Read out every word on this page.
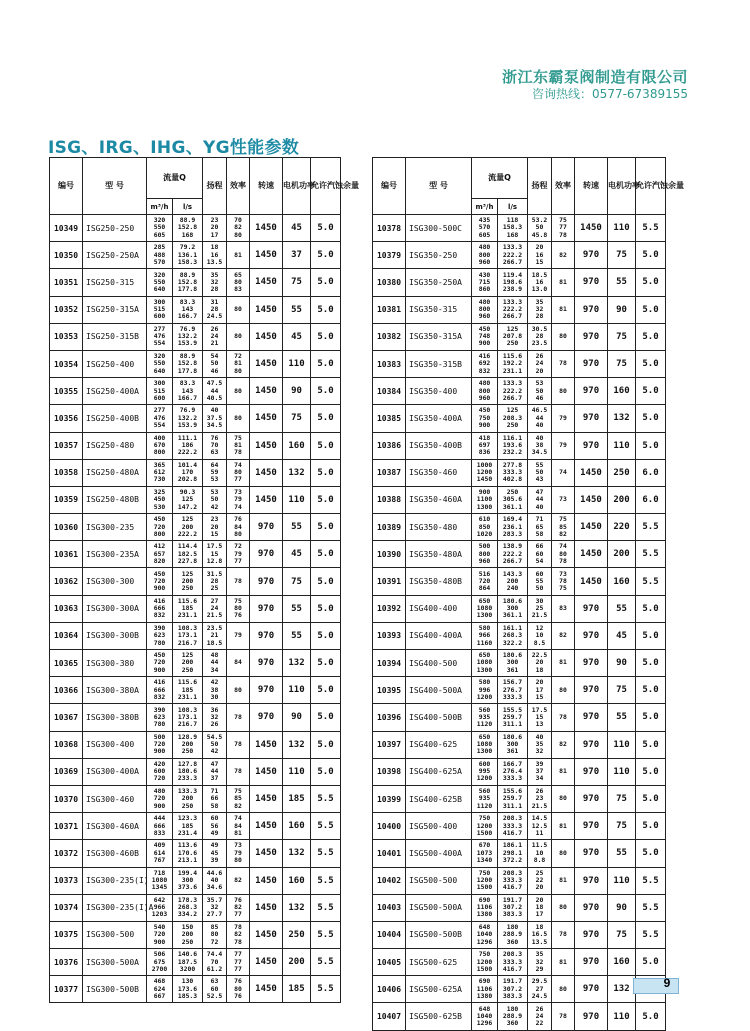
浙江东霸泵阀制造有限公司
咨询热线：0577-67389155
ISG、IRG、IHG、YG性能参数
编号	型 号	流量Q		扬程	效率	转速	电机功率	允许汽蚀余量
		m³/h	l/s					
10349	ISG250-250	320
550
605	88.9
152.8
168	23
20
17	70
82
80	1450	45	5.0
10350	ISG250-250A	285
488
570	79.2
136.1
158.3	18
16
13.5	81	1450	37	5.0
10351	ISG250-315	320
550
640	88.9
152.8
177.8	35
32
28	65
80
83	1450	75	5.0
10352	ISG250-315A	300
515
600	83.3
143
166.7	31
28
24.5	80	1450	55	5.0
10353	ISG250-315B	277
476
554	76.9
132.2
153.9	26
24
21	80	1450	45	5.0
10354	ISG250-400	320
550
640	88.9
152.8
177.8	54
50
46	72
81
80	1450	110	5.0
10355	ISG250-400A	300
515
600	83.3
143
166.7	47.5
44
40.5	80	1450	90	5.0
10356	ISG250-400B	277
476
554	76.9
132.2
153.9	40
37.5
34.5	80	1450	75	5.0
10357	ISG250-480	400
670
800	111.1
186
222.2	76
70
63	75
81
78	1450	160	5.0
10358	ISG250-480A	365
612
730	101.4
170
202.8	64
59
53	74
80
77	1450	132	5.0
10359	ISG250-480B	325
450
530	90.3
125
147.2	53
50
42	73
79
74	1450	110	5.0
10360	ISG300-235	450
720
800	125
200
222.2	23
20
15	76
84
80	970	55	5.0
10361	ISG300-235A	412
657
820	114.4
182.5
227.8	17.5
15
12.8	72
79
77	970	45	5.0
10362	ISG300-300	450
720
900	125
200
250	31.5
28
25	78	970	75	5.0
10363	ISG300-300A	416
666
832	115.6
185
231.1	27
24
21.5	75
80
76	970	55	5.0
10364	ISG300-300B	390
623
780	108.3
173.1
216.7	23.5
21
18.5	79	970	55	5.0
10365	ISG300-380	450
720
900	125
200
250	48
44
34	84	970	132	5.0
10366	ISG300-380A	416
666
832	115.6
185
231.1	42
38
30	80	970	110	5.0
10367	ISG300-380B	390
623
780	108.3
173.1
216.7	36
32
26	78	970	90	5.0
10368	ISG300-400	500
720
900	128.9
200
250	54.5
50
42	78	1450	132	5.0
10369	ISG300-400A	420
600
720	127.8
180.6
233.3	47
44
37	78	1450	110	5.0
10370	ISG300-460	480
720
900	133.3
200
250	71
66
58	75
85
82	1450	185	5.5
10371	ISG300-460A	444
666
833	123.3
185
231.4	60
56
49	74
84
81	1450	160	5.5
10372	ISG300-460B	409
614
767	113.6
170.6
213.1	49
45
39	73
79
80	1450	132	5.5
10373	ISG300-235(I)	718
1080
1345	199.4
300
373.6	44.6
40
34.6	82	1450	160	5.5
10374	ISG300-235(I)A	642
966
1203	178.3
268.3
334.2	35.7
32
27.7	76
82
77	1450	132	5.5
10375	ISG300-500	540
720
900	150
200
250	85
80
72	78
82
78	1450	250	5.5
10376	ISG300-500A	506
675
2700	140.6
187.5
3200	74.4
70
61.2	77
77
77	1450	200	5.5
10377	ISG300-500B	468
624
667	130
173.6
185.3	63
60
52.5	76
80
76	1450	185	5.5
编号	型 号	流量Q		扬程	效率	转速	电机功率	允许汽蚀余量
		m³/h	l/s					
10378	ISG300-500C	435
570
605	118
158.3
168	53.2
50
45.8	75
77
78	1450	110	5.5
10379	ISG350-250	480
800
960	133.3
222.2
266.7	20
16
15	82	970	75	5.0
10380	ISG350-250A	430
715
860	119.4
198.6
238.9	18.5
16
13.0	81	970	55	5.0
10381	ISG350-315	480
800
960	133.3
222.2
266.7	35
32
28	81	970	90	5.0
10382	ISG350-315A	450
748
900	125
207.8
250	30.5
28
23.5	80	970	75	5.0
10383	ISG350-315B	416
692
832	115.6
192.2
231.1	26
24
20	78	970	75	5.0
10384	ISG350-400	480
800
960	133.3
222.2
266.7	53
50
46	80	970	160	5.0
10385	ISG350-400A	450
750
900	125
208.3
250	46.5
44
40	79	970	132	5.0
10386	ISG350-400B	418
697
836	116.1
193.6
232.2	40
38
34.5	79	970	110	5.0
10387	ISG350-460	1000
1200
1450	277.8
333.3
402.8	55
50
43	74	1450	250	6.0
10388	ISG350-460A	900
1100
1300	250
305.6
361.1	47
44
40	73	1450	200	6.0
10389	ISG350-480	610
850
1020	169.4
236.1
283.3	71
65
58	75
85
82	1450	220	5.5
10390	ISG350-480A	500
800
960	138.9
222.2
266.7	66
60
54	74
80
78	1450	200	5.5
10391	ISG350-480B	516
720
864	143.3
200
240	60
55
50	73
78
75	1450	160	5.5
10392	ISG400-400	650
1080
1300	180.6
300
361.1	30
25
21.5	83	970	55	5.0
10393	ISG400-400A	580
966
1160	161.1
268.3
322.2	12
10
8.5	82	970	45	5.0
10394	ISG400-500	650
1080
1300	180.6
300
361	22.5
20
18	81	970	90	5.0
10395	ISG400-500A	580
996
1200	156.7
276.7
333.3	20
17
15	80	970	75	5.0
10396	ISG400-500B	560
935
1120	155.5
259.7
311.1	17.5
15
13	78	970	55	5.0
10397	ISG400-625	650
1080
1300	180.6
300
361	40
35
32	82	970	110	5.0
10398	ISG400-625A	600
995
1200	166.7
276.4
333.3	39
37
34	81	970	110	5.0
10399	ISG400-625B	560
935
1120	155.6
259.7
311.1	26
23
21.5	80	970	75	5.0
10400	ISG500-400	750
1200
1500	208.3
333.3
416.7	14.5
12.5
11	81	970	75	5.0
10401	ISG500-400A	670
1073
1340	186.1
298.1
372.2	11.5
10
8.8	80	970	55	5.0
10402	ISG500-500	750
1200
1500	208.3
333.3
416.7	25
22
20	81	970	110	5.5
10403	ISG500-500A	690
1106
1380	191.7
307.2
383.3	20
18
17	80	970	90	5.5
10404	ISG500-500B	648
1040
1296	180
288.9
360	18
16.5
13.5	78	970	75	5.5
10405	ISG500-625	750
1200
1500	208.3
333.3
416.7	35
32
29	81	970	160	5.0
10406	ISG500-625A	690
1106
1380	191.7
307.2
383.3	29.5
27
24.5	80	970	132	
10407	ISG500-625B	648
1040
1296	180
288.9
360	26
24
22	78	970	110	5.0
9
